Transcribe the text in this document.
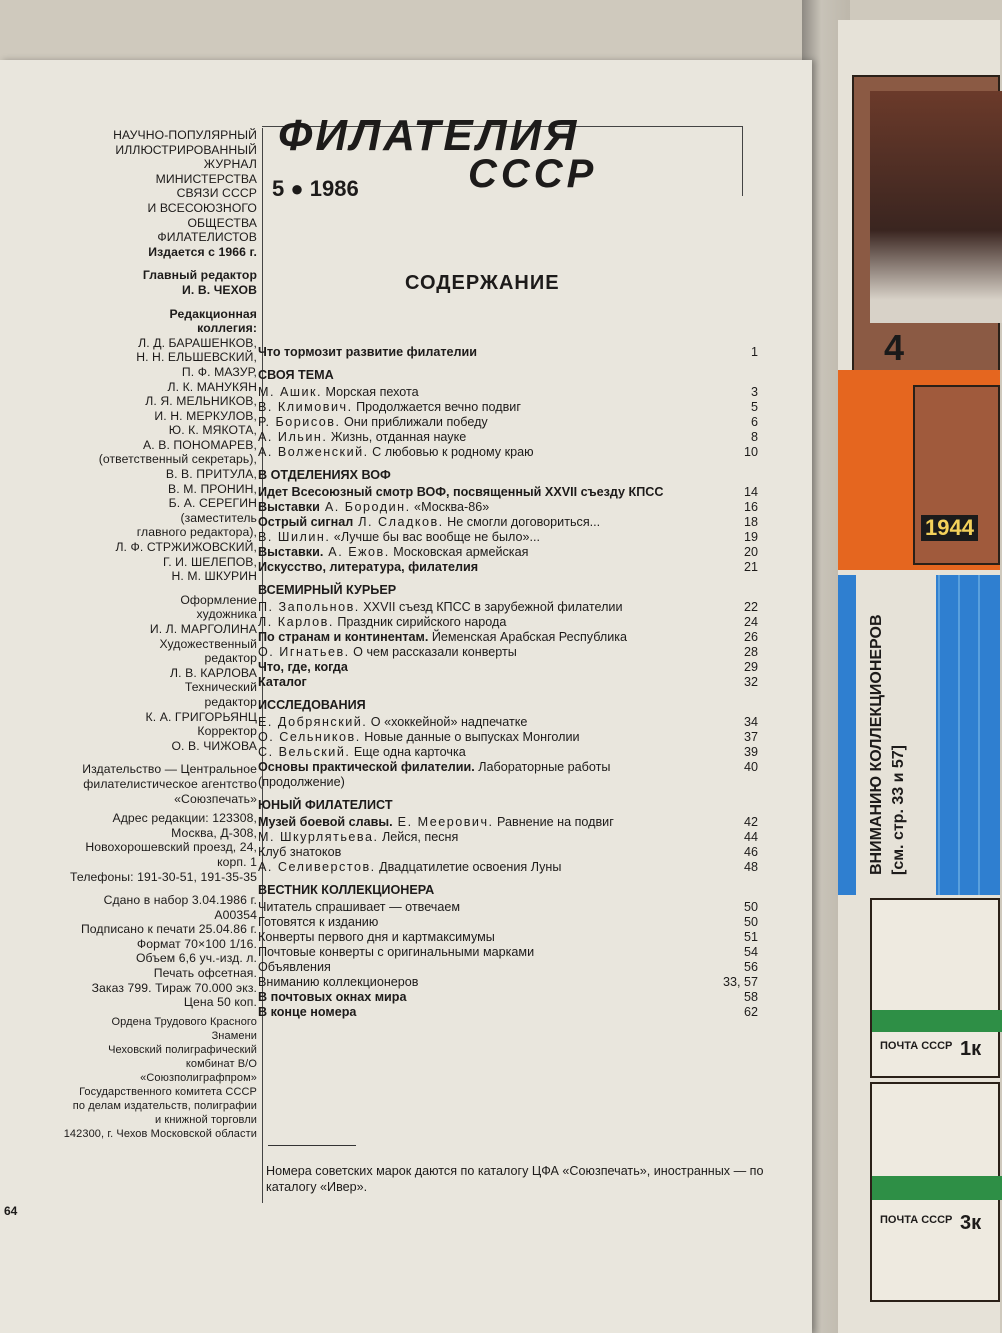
4
1944
ВНИМАНИЮ КОЛЛЕКЦИОНЕРОВ [см. стр. 33 и 57]
ПОЧТА СССР 1к
ПОЧТА СССР 3к
ФИЛАТЕЛИЯ
СССР
5 ● 1986
НАУЧНО-ПОПУЛЯРНЫЙ
ИЛЛЮСТРИРОВАННЫЙ
ЖУРНАЛ
МИНИСТЕРСТВА
СВЯЗИ СССР
И ВСЕСОЮЗНОГО
ОБЩЕСТВА
ФИЛАТЕЛИСТОВ
Издается с 1966 г.
Главный редактор
И. В. ЧЕХОВ
Редакционная
коллегия:
Л. Д. БАРАШЕНКОВ,
Н. Н. ЕЛЬШЕВСКИЙ,
П. Ф. МАЗУР,
Л. К. МАНУКЯН
Л. Я. МЕЛЬНИКОВ,
И. Н. МЕРКУЛОВ,
Ю. К. МЯКОТА,
А. В. ПОНОМАРЕВ,
(ответственный секретарь),
В. В. ПРИТУЛА,
В. М. ПРОНИН,
Б. А. СЕРЕГИН
(заместитель
главного редактора),
Л. Ф. СТРЖИЖОВСКИЙ,
Г. И. ШЕЛЕПОВ,
Н. М. ШКУРИН
Оформление
художника
И. Л. МАРГОЛИНА
Художественный
редактор
Л. В. КАРЛОВА
Технический
редактор
К. А. ГРИГОРЬЯНЦ
Корректор
О. В. ЧИЖОВА
Издательство — Центральное
филателистическое агентство
«Союзпечать»
Адрес редакции: 123308,
Москва, Д-308,
Новохорошевский проезд, 24,
корп. 1
Телефоны: 191-30-51, 191-35-35
Сдано в набор 3.04.1986 г.
А00354
Подписано к печати 25.04.86 г.
Формат 70×100 1/16.
Объем 6,6 уч.-изд. л.
Печать офсетная.
Заказ 799. Тираж 70.000 экз.
Цена 50 коп.
Ордена Трудового Красного
Знамени
Чеховский полиграфический
комбинат В/О
«Союзполиграфпром»
Государственного комитета СССР
по делам издательств, полиграфии
и книжной торговли
142300, г. Чехов Московской области
СОДЕРЖАНИЕ
Что тормозит развитие филателии	1
СВОЯ ТЕМА
М. Ашик. Морская пехота	3
В. Климович. Продолжается вечно подвиг	5
Р. Борисов. Они приближали победу	6
А. Ильин. Жизнь, отданная науке	8
А. Волженский. С любовью к родному краю	10
В ОТДЕЛЕНИЯХ ВОФ
Идет Всесоюзный смотр ВОФ, посвященный XXVII съезду КПСС	14
Выставки А. Бородин. «Москва-86»	16
Острый сигнал Л. Сладков. Не смогли договориться...	18
В. Шилин. «Лучше бы вас вообще не было»...	19
Выставки. А. Ежов. Московская армейская	20
Искусство, литература, филателия	21
ВСЕМИРНЫЙ КУРЬЕР
П. Запольнов. XXVII съезд КПСС в зарубежной филателии	22
Л. Карлов. Праздник сирийского народа	24
По странам и континентам. Йеменская Арабская Республика	26
О. Игнатьев. О чем рассказали конверты	28
Что, где, когда	29
Каталог	32
ИССЛЕДОВАНИЯ
Е. Добрянский. О «хоккейной» надпечатке	34
О. Сельников. Новые данные о выпусках Монголии	37
С. Вельский. Еще одна карточка	39
Основы практической филателии. Лабораторные работы	40
(продолжение)
ЮНЫЙ ФИЛАТЕЛИСТ
Музей боевой славы. Е. Меерович. Равнение на подвиг	42
М. Шкурлятьева. Лейся, песня	44
Клуб знатоков	46
А. Селиверстов. Двадцатилетие освоения Луны	48
ВЕСТНИК КОЛЛЕКЦИОНЕРА
Читатель спрашивает — отвечаем	50
Готовятся к изданию	50
Конверты первого дня и картмаксимумы	51
Почтовые конверты с оригинальными марками	54
Объявления	56
Вниманию коллекционеров	33, 57
В почтовых окнах мира	58
В конце номера	62
Номера советских марок даются по каталогу ЦФА «Союзпечать», иностранных — по каталогу «Ивер».
64
